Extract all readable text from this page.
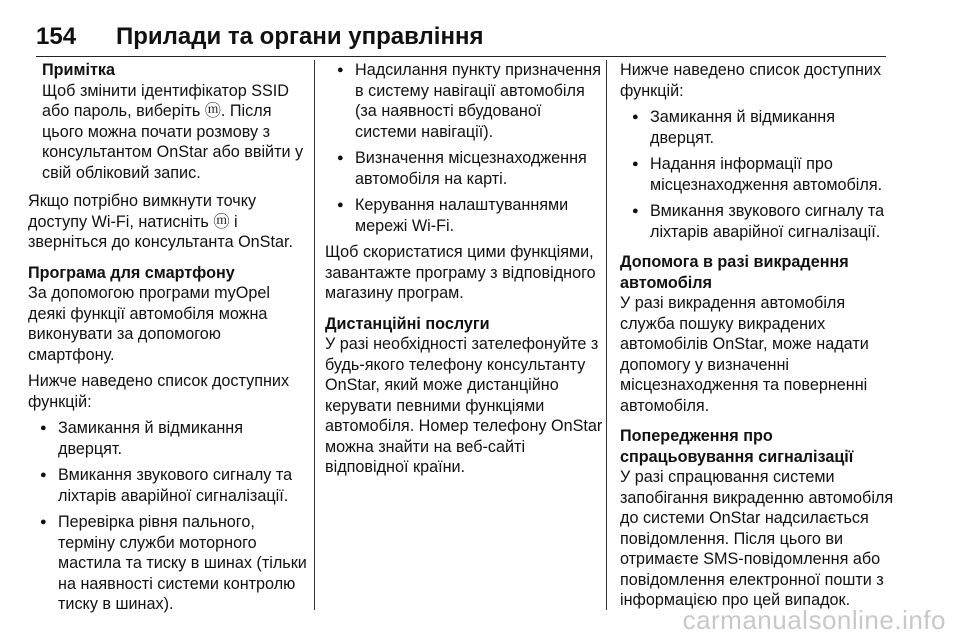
154	Прилади та органи управління
Примітка
Щоб змінити ідентифікатор SSID або пароль, виберіть ⓜ. Після цього можна почати розмову з консультантом OnStar або ввійти у свій обліковий запис.

Якщо потрібно вимкнути точку доступу Wi-Fi, натисніть ⓜ і зверніться до консультанта OnStar.

Програма для смартфону

За допомогою програми myOpel деякі функції автомобіля можна виконувати за допомогою смартфону.

Нижче наведено список доступних функцій:

● Замикання й відмикання дверцят.
● Вмикання звукового сигналу та ліхтарів аварійної сигналізації.
● Перевірка рівня пального, терміну служби моторного мастила та тиску в шинах (тільки на наявності системи контролю тиску в шинах).
● Надсилання пункту призначення в систему навігації автомобіля (за наявності вбудованої системи навігації).
● Визначення місцезнаходження автомобіля на карті.
● Керування налаштуваннями мережі Wi-Fi.

Щоб скористатися цими функціями, завантажте програму з відповідного магазину програм.

Дистанційні послуги

У разі необхідності зателефонуйте з будь-якого телефону консультанту OnStar, який може дистанційно керувати певними функціями автомобіля. Номер телефону OnStar можна знайти на веб-сайті відповідної країни.

Нижче наведено список доступних функцій:

● Замикання й відмикання дверцят.
● Надання інформації про місцезнаходження автомобіля.
● Вмикання звукового сигналу та ліхтарів аварійної сигналізації.
Допомога в разі викрадення автомобіля

У разі викрадення автомобіля служба пошуку викрадених автомобілів OnStar, може надати допомогу у визначенні місцезнаходження та поверненні автомобіля.

Попередження про спрацьовування сигналізації

У разі спрацювання системи запобігання викраденню автомобіля до системи OnStar надсилається повідомлення. Після цього ви отримаєте SMS-повідомлення або повідомлення електронної пошти з інформацією про цей випадок.

carmanualsonline.info
